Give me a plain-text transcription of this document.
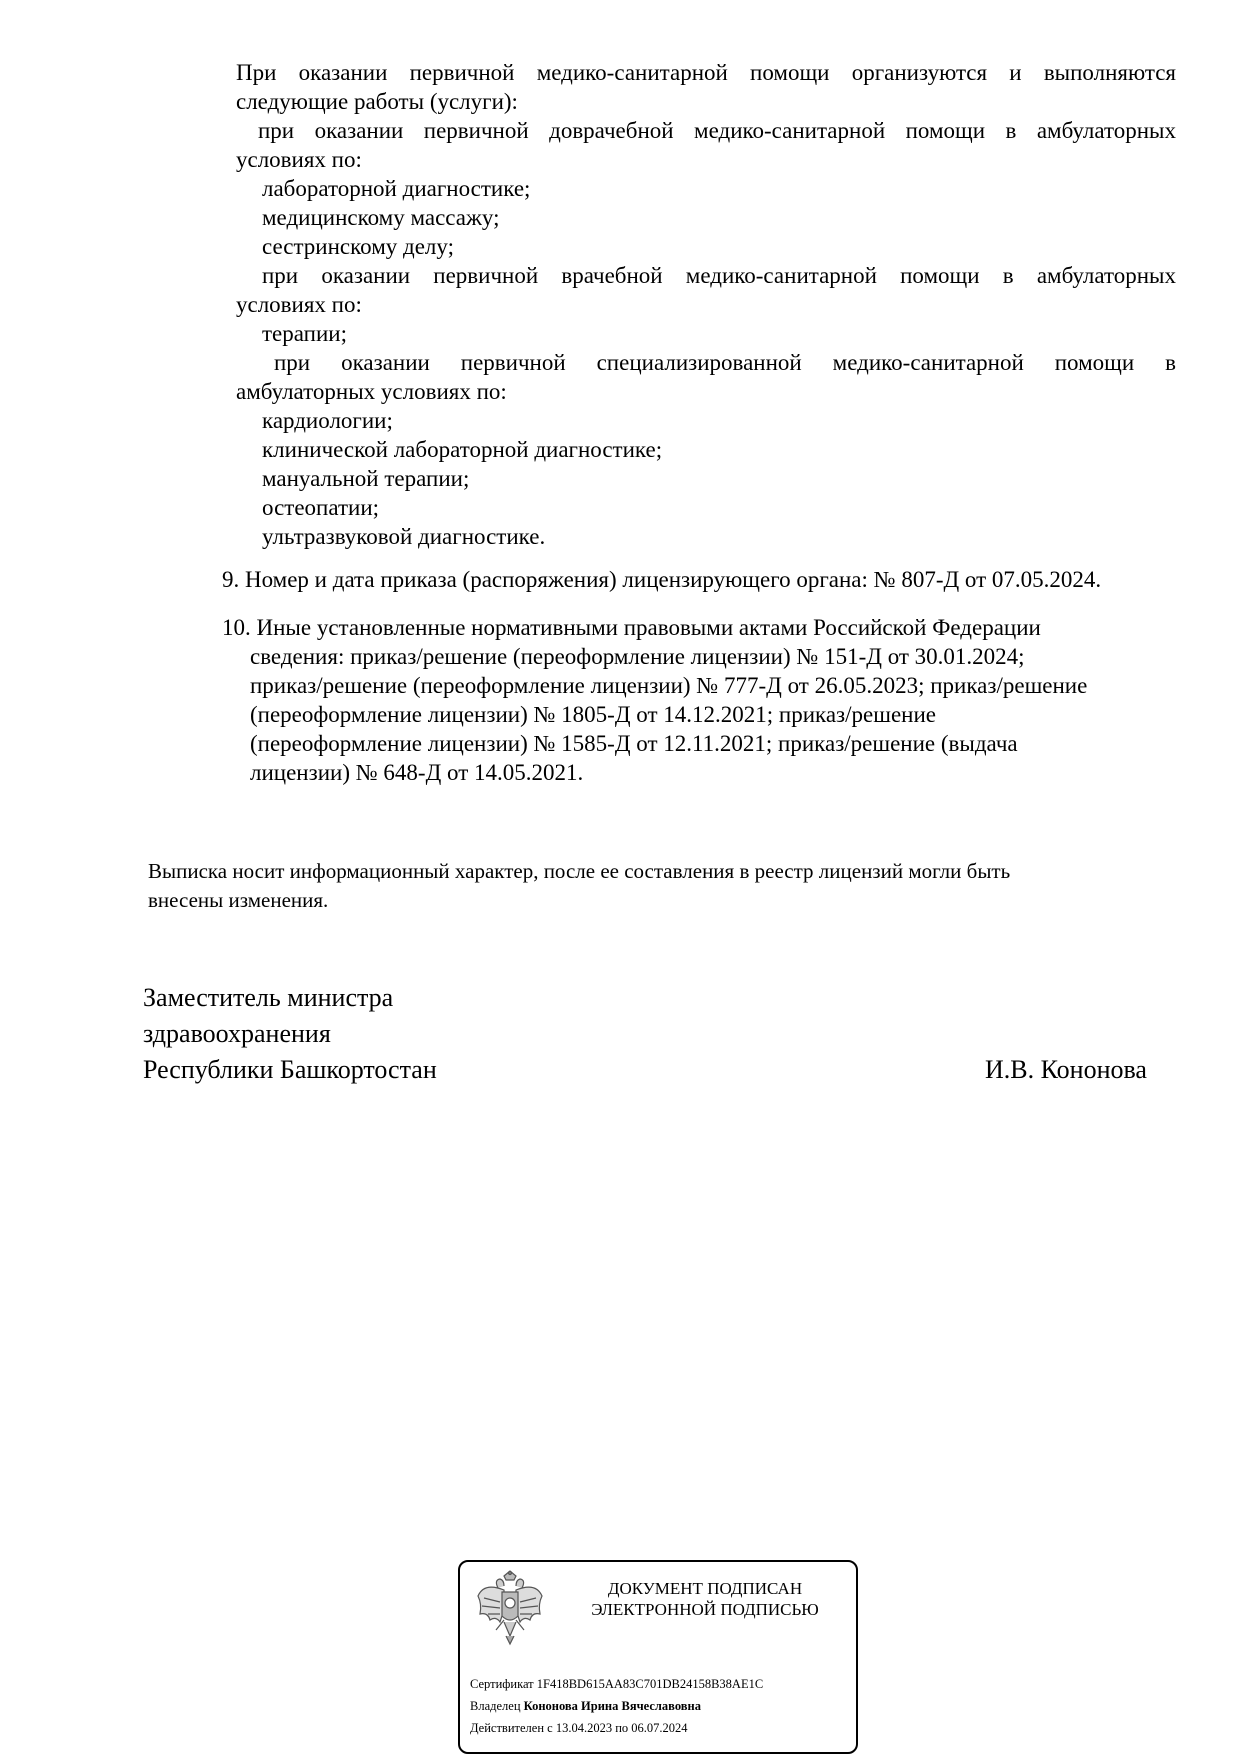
При оказании первичной медико-санитарной помощи организуются и выполняются
следующие работы (услуги):
при оказании первичной доврачебной медико-санитарной помощи в амбулаторных
условиях по:
лабораторной диагностике;
медицинскому массажу;
сестринскому делу;
при оказании первичной врачебной медико-санитарной помощи в амбулаторных
условиях по:
терапии;
при оказании первичной специализированной медико-санитарной помощи в
амбулаторных условиях по:
кардиологии;
клинической лабораторной диагностике;
мануальной терапии;
остеопатии;
ультразвуковой диагностике.
9. Номер и дата приказа (распоряжения) лицензирующего органа: № 807-Д от 07.05.2024.
10. Иные установленные нормативными правовыми актами Российской Федерации
сведения: приказ/решение (переоформление лицензии) № 151-Д от 30.01.2024;
приказ/решение (переоформление лицензии) № 777-Д от 26.05.2023; приказ/решение
(переоформление лицензии) № 1805-Д от 14.12.2021; приказ/решение
(переоформление лицензии) № 1585-Д от 12.11.2021; приказ/решение (выдача
лицензии) № 648-Д от 14.05.2021.
Выписка носит информационный характер, после ее составления в реестр лицензий могли быть
внесены изменения.
Заместитель министра
здравоохранения
Республики Башкортостан	И.В. Кононова
ДОКУМЕНТ ПОДПИСАН
ЭЛЕКТРОННОЙ ПОДПИСЬЮ
Сертификат 1F418BD615AA83C701DB24158B38AE1C
Владелец Кононова Ирина Вячеславовна
Действителен с 13.04.2023 по 06.07.2024
